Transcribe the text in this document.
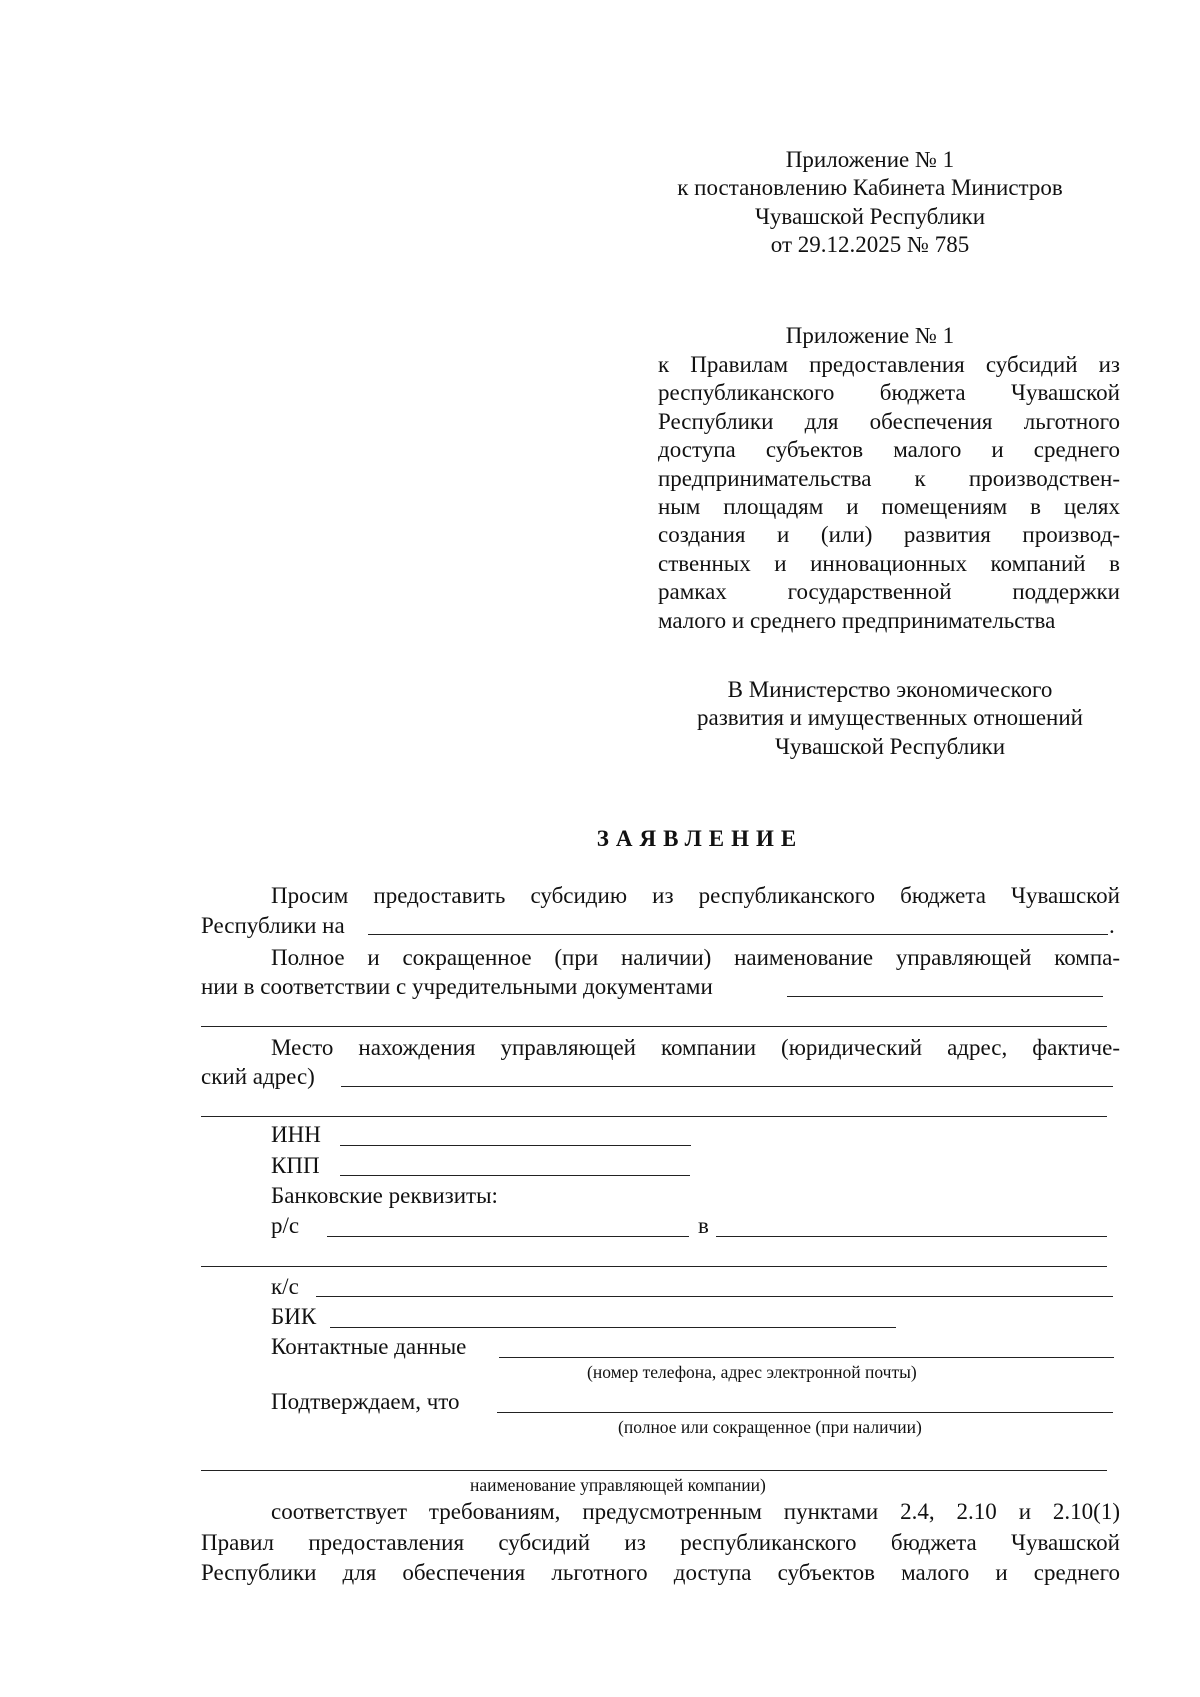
Приложение № 1
к постановлению Кабинета Министров
Чувашской Республики
от 29.12.2025 № 785
Приложение № 1
к Правилам предоставления субсидий из
республиканского бюджета Чувашской
Республики для обеспечения льготного
доступа субъектов малого и среднего
предпринимательства к производствен-
ным площадям и помещениям в целях
создания и (или) развития производ-
ственных и инновационных компаний в
рамках государственной поддержки
малого и среднего предпринимательства
В Министерство экономического
развития и имущественных отношений
Чувашской Республики
ЗАЯВЛЕНИЕ
Просим предоставить субсидию из республиканского бюджета Чувашской
Республики на	.
Полное и сокращенное (при наличии) наименование управляющей компа-
нии в соответствии с учредительными документами
Место нахождения управляющей компании (юридический адрес, фактиче-
ский адрес)
ИНН
КПП
Банковские реквизиты:
р/с	в
к/с
БИК
Контактные данные
(номер телефона, адрес электронной почты)
Подтверждаем, что
(полное или сокращенное (при наличии)
наименование управляющей компании)
соответствует требованиям, предусмотренным пунктами 2.4, 2.10 и 2.10(1)
Правил предоставления субсидий из республиканского бюджета Чувашской
Республики для обеспечения льготного доступа субъектов малого и среднего
